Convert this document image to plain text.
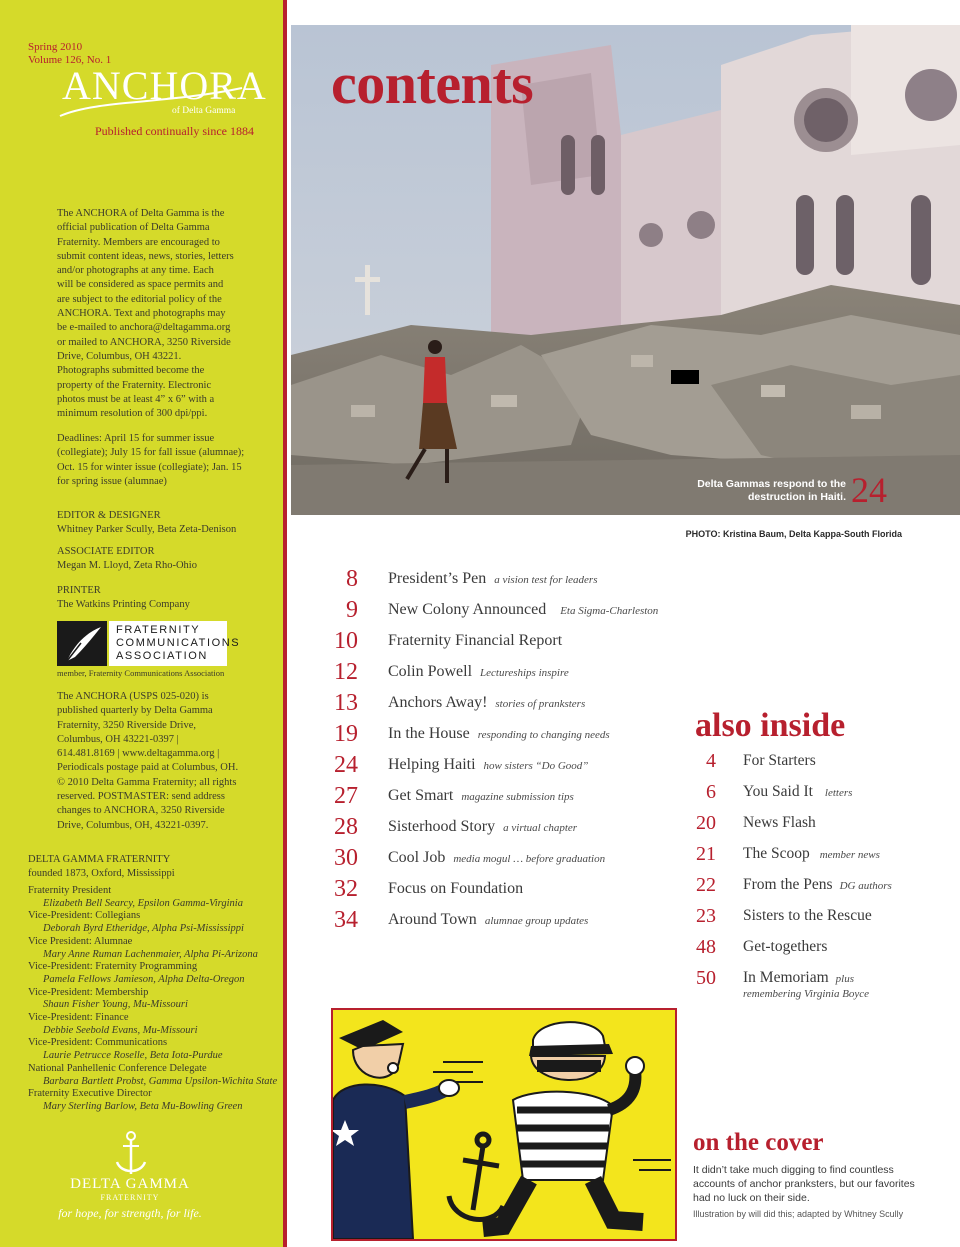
Spring 2010
Volume 126, No. 1
ANCHORA
of Delta Gamma
Published continually since 1884
The ANCHORA of Delta Gamma is the
official publication of Delta Gamma
Fraternity. Members are encouraged to
submit content ideas, news, stories, letters
and/or photographs at any time. Each
will be considered as space permits and
are subject to the editorial policy of the
ANCHORA. Text and photographs may
be e-mailed to anchora@deltagamma.org
or mailed to ANCHORA, 3250 Riverside
Drive, Columbus, OH 43221.
Photographs submitted become the
property of the Fraternity. Electronic
photos must be at least 4” x 6” with a
minimum resolution of 300 dpi/ppi.
Deadlines: April 15 for summer issue
(collegiate); July 15 for fall issue (alumnae);
Oct. 15 for winter issue (collegiate); Jan. 15
for spring issue (alumnae)
EDITOR & DESIGNER
Whitney Parker Scully, Beta Zeta-Denison
ASSOCIATE EDITOR
Megan M. Lloyd, Zeta Rho-Ohio
PRINTER
The Watkins Printing Company
FRATERNITY
COMMUNICATIONS
ASSOCIATION
member, Fraternity Communications Association
The ANCHORA (USPS 025-020) is
published quarterly by Delta Gamma
Fraternity, 3250 Riverside Drive,
Columbus, OH 43221-0397 |
614.481.8169 | www.deltagamma.org |
Periodicals postage paid at Columbus, OH.
© 2010 Delta Gamma Fraternity; all rights
reserved. POSTMASTER: send address
changes to ANCHORA, 3250 Riverside
Drive, Columbus, OH, 43221-0397.
DELTA GAMMA FRATERNITY
founded 1873, Oxford, Mississippi
Fraternity President
Elizabeth Bell Searcy, Epsilon Gamma-Virginia
Vice-President: Collegians
Deborah Byrd Etheridge, Alpha Psi-Mississippi
Vice President: Alumnae
Mary Anne Ruman Lachenmaier, Alpha Pi-Arizona
Vice-President: Fraternity Programming
Pamela Fellows Jamieson, Alpha Delta-Oregon
Vice-President: Membership
Shaun Fisher Young, Mu-Missouri
Vice-President: Finance
Debbie Seebold Evans, Mu-Missouri
Vice-President: Communications
Laurie Petrucce Roselle, Beta Iota-Purdue
National Panhellenic Conference Delegate
Barbara Bartlett Probst, Gamma Upsilon-Wichita State
Fraternity Executive Director
Mary Sterling Barlow, Beta Mu-Bowling Green
DELTA GAMMA
FRATERNITY
for hope, for strength, for life.
contents
Delta Gammas respond to the destruction in Haiti. 24
PHOTO: Kristina Baum, Delta Kappa-South Florida
8 President’s Pen a vision test for leaders
9 New Colony Announced Eta Sigma-Charleston
10 Fraternity Financial Report
12 Colin Powell Lectureships inspire
13 Anchors Away! stories of pranksters
19 In the House responding to changing needs
24 Helping Haiti how sisters “Do Good”
27 Get Smart magazine submission tips
28 Sisterhood Story a virtual chapter
30 Cool Job media mogul … before graduation
32 Focus on Foundation
34 Around Town alumnae group updates
also inside
4 For Starters
6 You Said It letters
20 News Flash
21 The Scoop member news
22 From the Pens DG authors
23 Sisters to the Rescue
48 Get-togethers
50 In Memoriam plus
remembering Virginia Boyce
on the cover
It didn’t take much digging to find countless accounts of anchor pranksters, but our favorites had no luck on their side.
Illustration by will did this; adapted by Whitney Scully
